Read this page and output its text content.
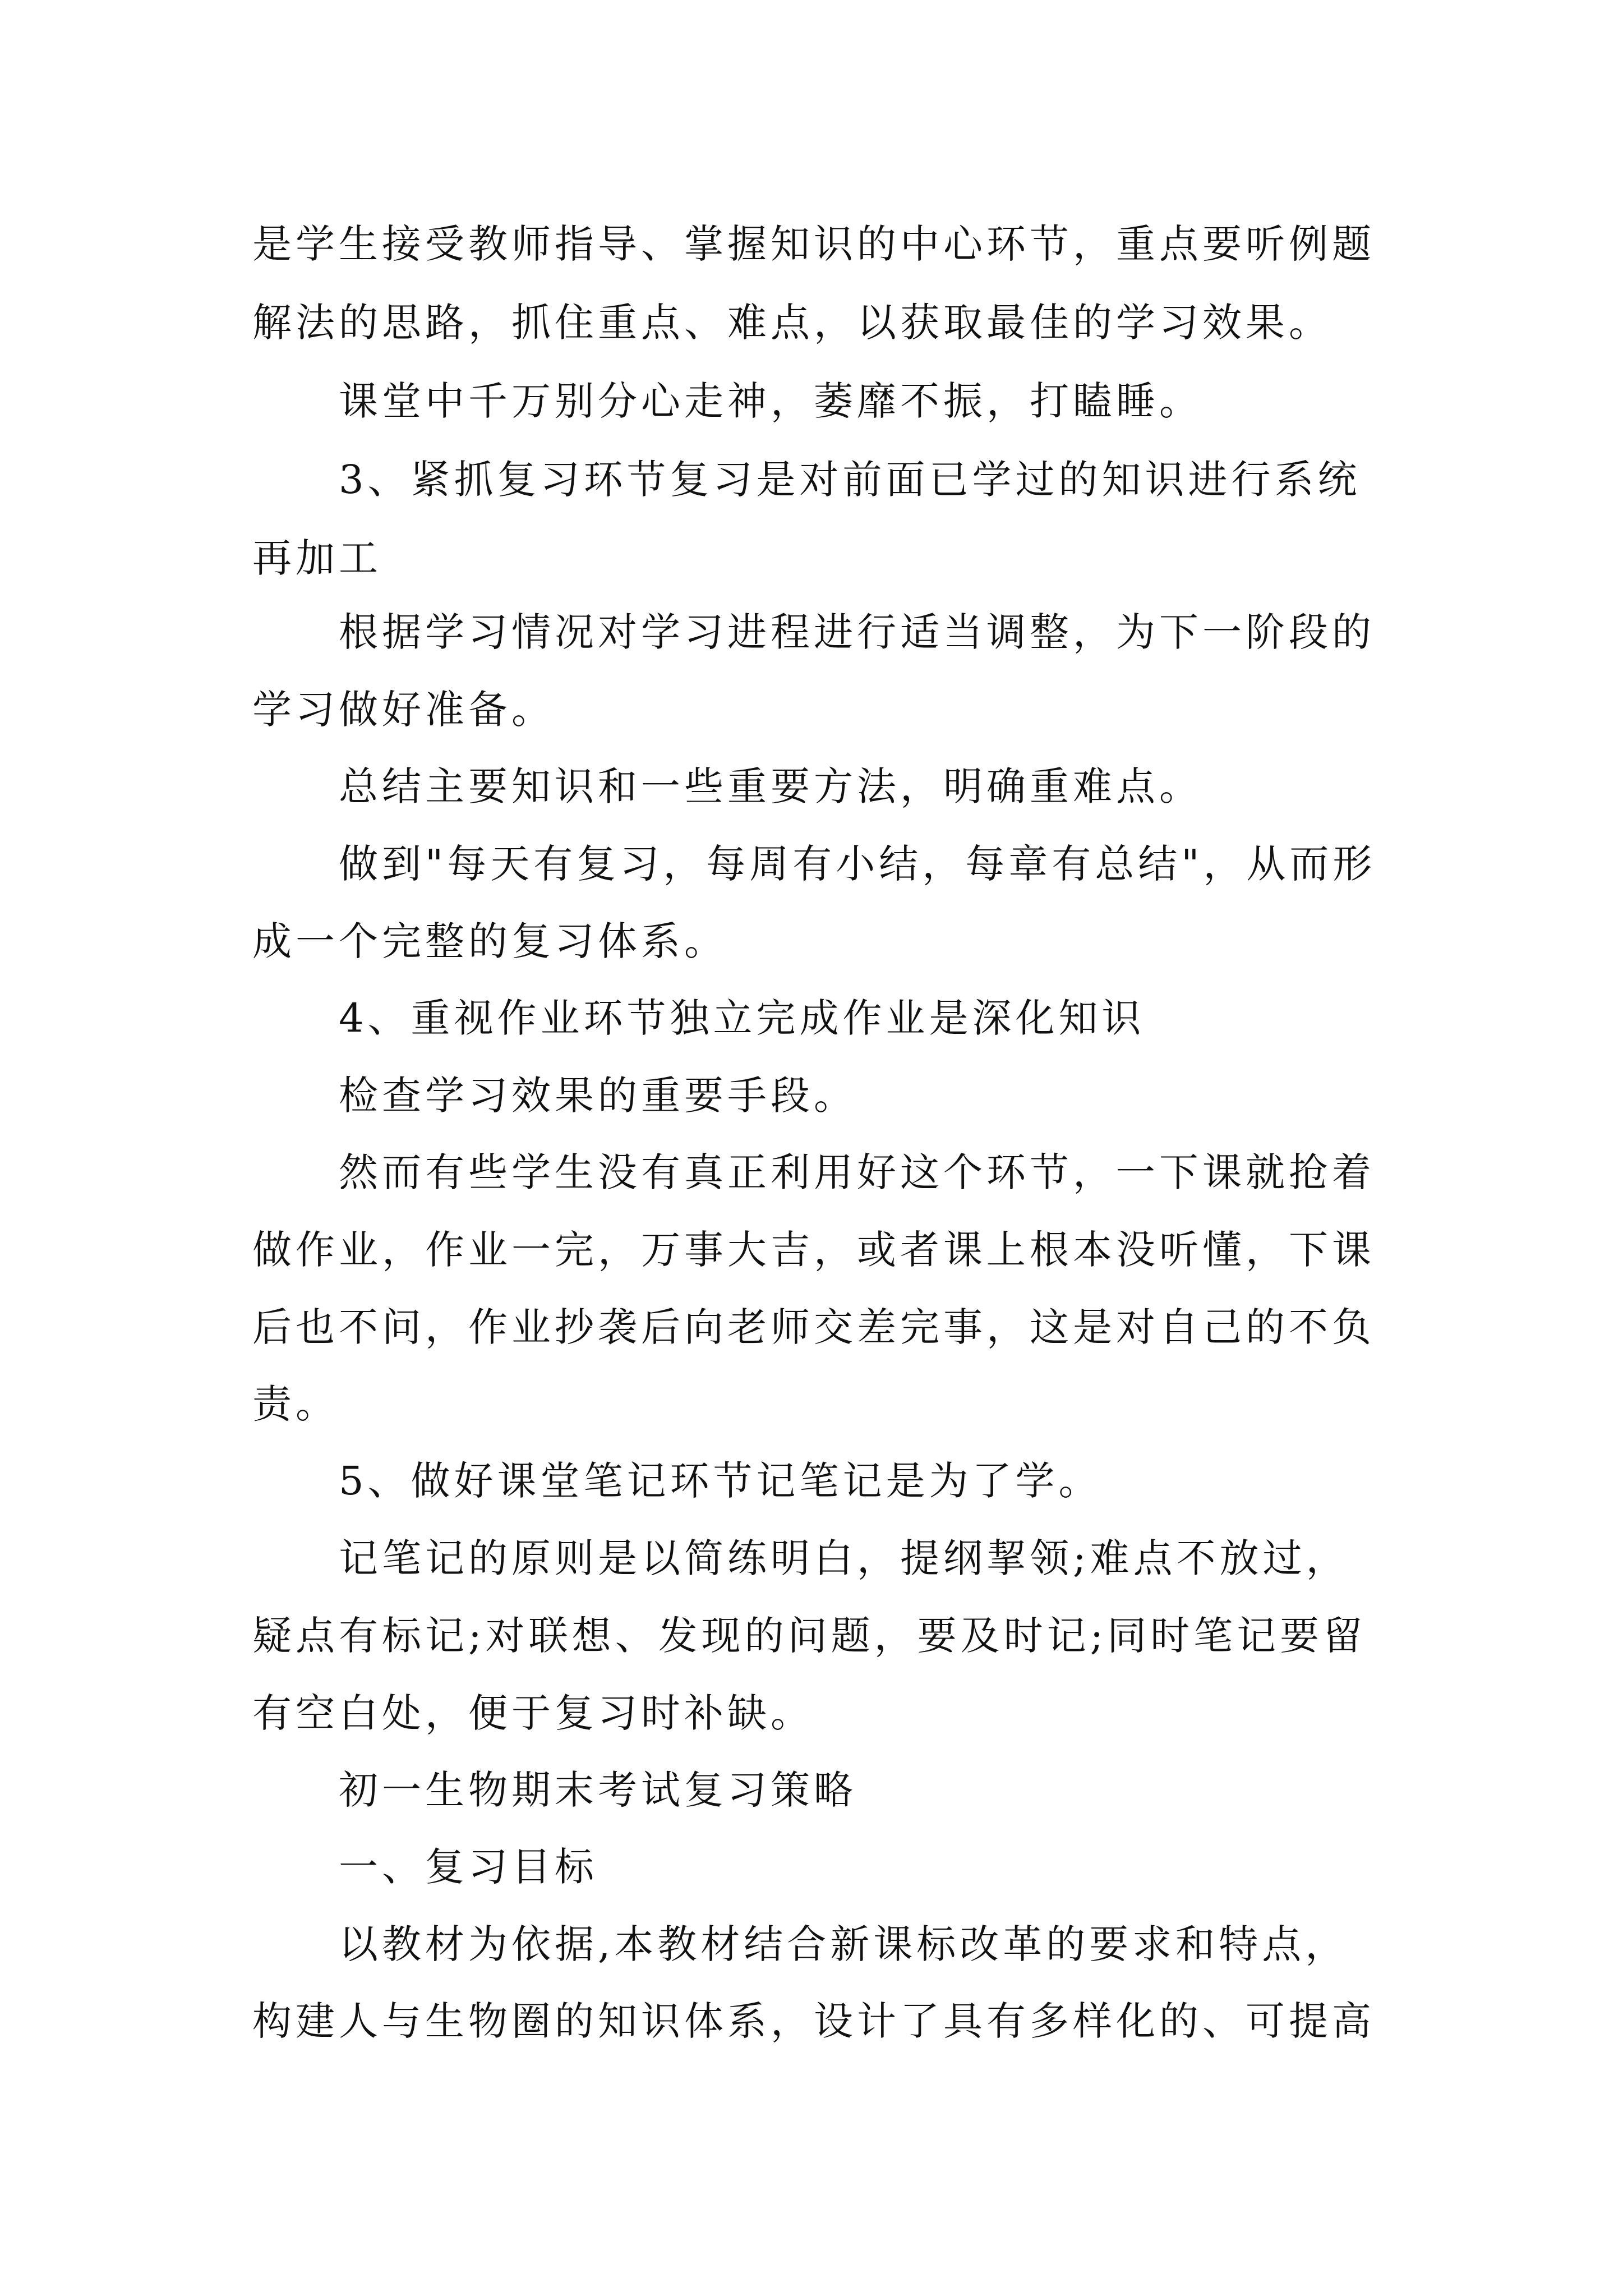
是学生接受教师指导、掌握知识的中心环节，重点要听例题
解法的思路，抓住重点、难点，以获取最佳的学习效果。
课堂中千万别分心走神，萎靡不振，打瞌睡。
3、紧抓复习环节复习是对前面已学过的知识进行系统
再加工
根据学习情况对学习进程进行适当调整，为下一阶段的
学习做好准备。
总结主要知识和一些重要方法，明确重难点。
做到"每天有复习，每周有小结，每章有总结"，从而形
成一个完整的复习体系。
4、重视作业环节独立完成作业是深化知识
检查学习效果的重要手段。
然而有些学生没有真正利用好这个环节，一下课就抢着
做作业，作业一完，万事大吉，或者课上根本没听懂，下课
后也不问，作业抄袭后向老师交差完事，这是对自己的不负
责。
5、做好课堂笔记环节记笔记是为了学。
记笔记的原则是以简练明白，提纲挈领;难点不放过，
疑点有标记;对联想、发现的问题，要及时记;同时笔记要留
有空白处，便于复习时补缺。
初一生物期末考试复习策略
一、复习目标
以教材为依据,本教材结合新课标改革的要求和特点，
构建人与生物圈的知识体系，设计了具有多样化的、可提高
